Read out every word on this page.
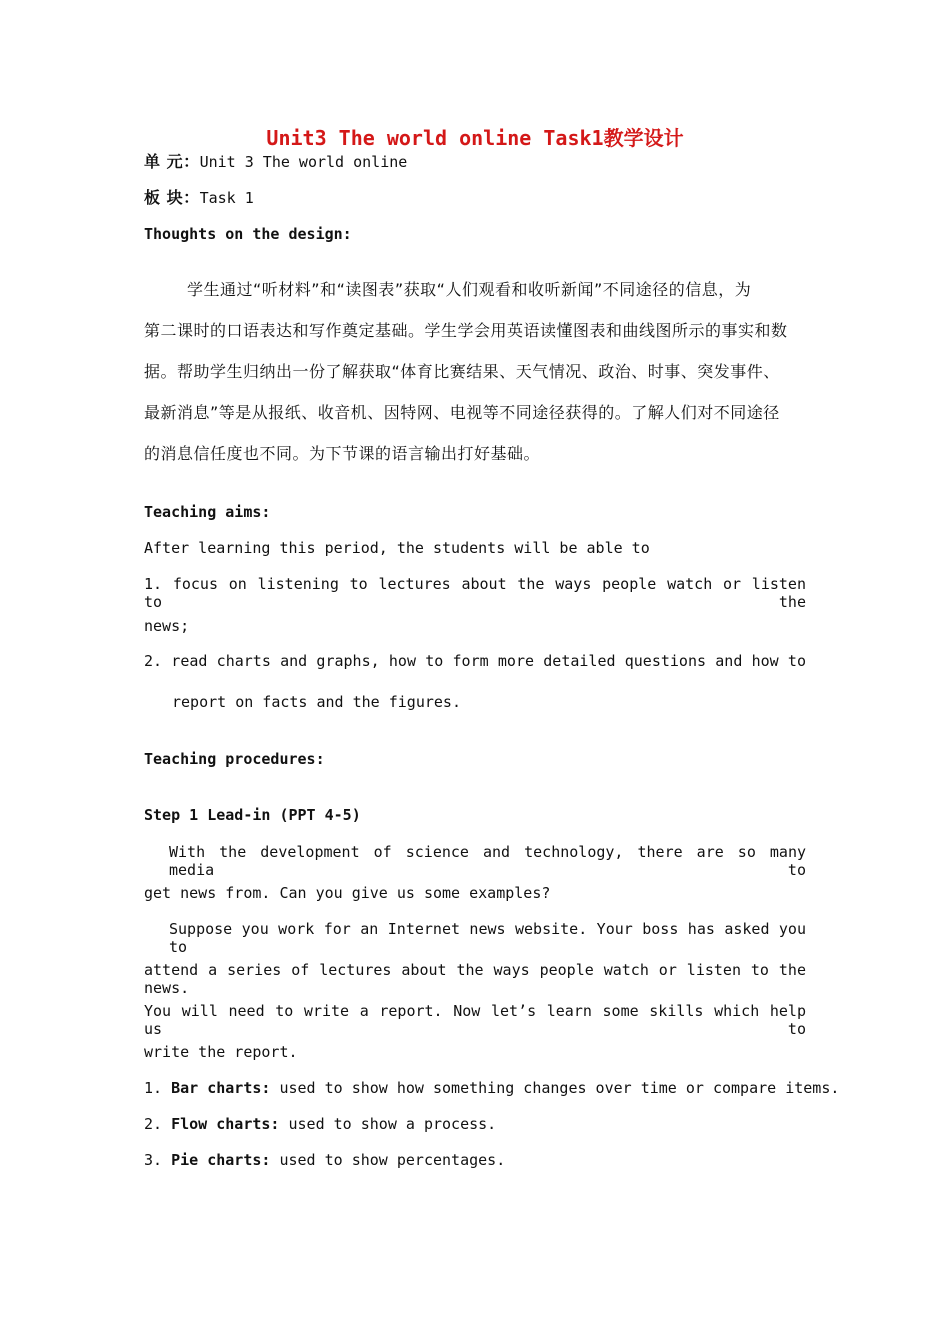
Unit3 The world online Task1教学设计
单 元：Unit 3 The world online
板 块：Task 1
Thoughts on the design:
学生通过“听材料”和“读图表”获取“人们观看和收听新闻”不同途径的信息，为
第二课时的口语表达和写作奠定基础。学生学会用英语读懂图表和曲线图所示的事实和数
据。帮助学生归纳出一份了解获取“体育比赛结果、天气情况、政治、时事、突发事件、
最新消息”等是从报纸、收音机、因特网、电视等不同途径获得的。了解人们对不同途径
的消息信任度也不同。为下节课的语言输出打好基础。
Teaching aims:
After learning this period, the students will be able to
1. focus on listening to lectures about the ways people watch or listen to the
news;
2. read charts and graphs, how to form more detailed questions and how to
report on facts and the figures.
Teaching procedures:
Step 1 Lead-in (PPT 4-5)
With the development of science and technology, there are so many media to
get news from. Can you give us some examples?
Suppose you work for an Internet news website. Your boss has asked you to
attend a series of lectures about the ways people watch or listen to the news.
You will need to write a report. Now let’s learn some skills which help us to
write the report.
1. Bar charts: used to show how something changes over time or compare items.
2. Flow charts: used to show a process.
3. Pie charts: used to show percentages.
